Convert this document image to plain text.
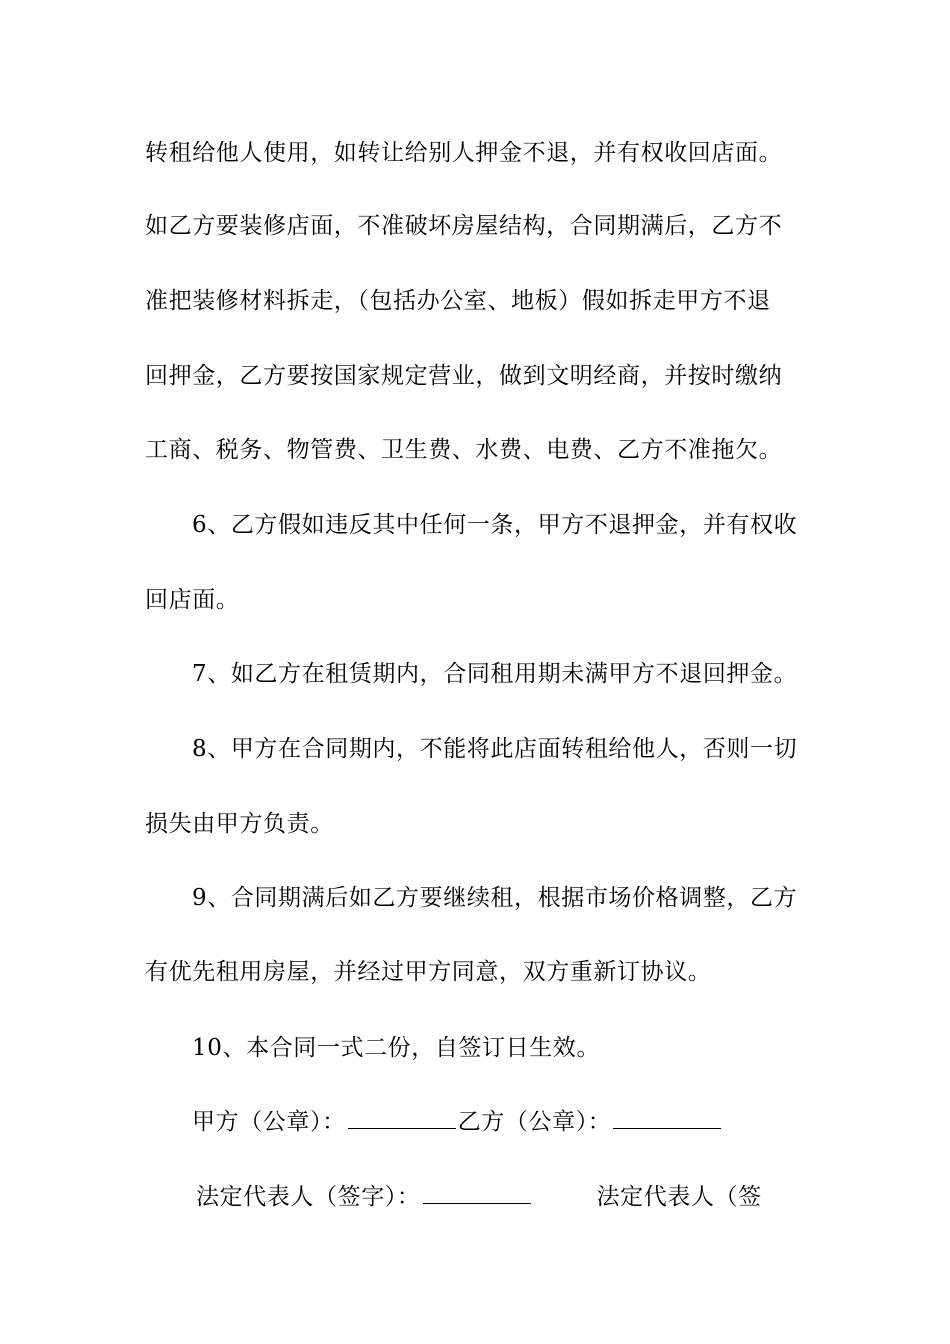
转租给他人使用，如转让给别人押金不退，并有权收回店面。
如乙方要装修店面，不准破坏房屋结构，合同期满后，乙方不
准把装修材料拆走，（包括办公室、地板）假如拆走甲方不退
回押金，乙方要按国家规定营业，做到文明经商，并按时缴纳
工商、税务、物管费、卫生费、水费、电费、乙方不准拖欠。
6、乙方假如违反其中任何一条，甲方不退押金，并有权收
回店面。
7、如乙方在租赁期内，合同租用期未满甲方不退回押金。
8、甲方在合同期内，不能将此店面转租给他人，否则一切
损失由甲方负责。
9、合同期满后如乙方要继续租，根据市场价格调整，乙方
有优先租用房屋，并经过甲方同意，双方重新订协议。
10、本合同一式二份，自签订日生效。
甲方（公章）：	乙方（公章）：
法定代表人（签字）：	法定代表人（签
